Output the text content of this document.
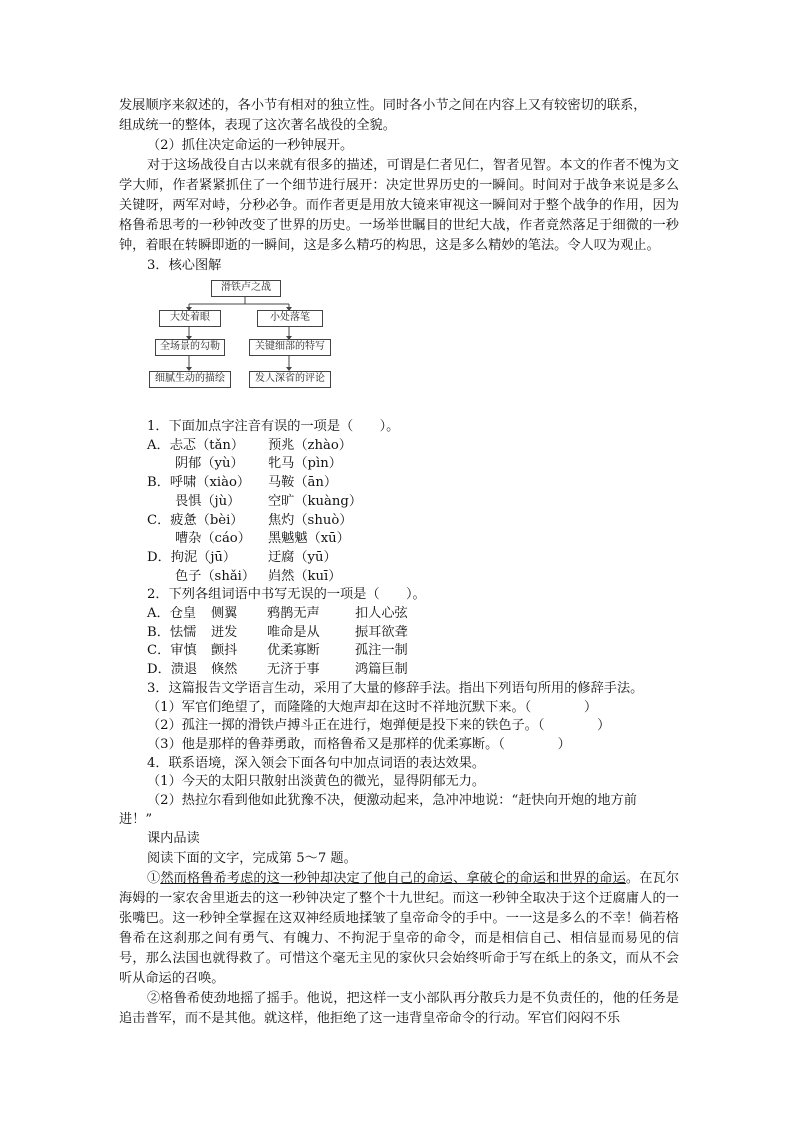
发展顺序来叙述的，各小节有相对的独立性。同时各小节之间在内容上又有较密切的联系，

组成统一的整体，表现了这次著名战役的全貌。

（2）抓住决定命运的一秒钟展开。

对于这场战役自古以来就有很多的描述，可谓是仁者见仁，智者见智。本文的作者不愧为文学大师，作者紧紧抓住了一个细节进行展开：决定世界历史的一瞬间。时间对于战争来说是多么关键呀，两军对峙，分秒必争。而作者更是用放大镜来审视这一瞬间对于整个战争的作用，因为格鲁希思考的一秒钟改变了世界的历史。一场举世瞩目的世纪大战，作者竟然落足于细微的一秒钟，着眼在转瞬即逝的一瞬间，这是多么精巧的构思，这是多么精妙的笔法。令人叹为观止。

3．核心图解

滑铁卢之战
大处着眼	小处落笔
全场景的勾勒	关键细部的特写
细腻生动的描绘	发人深省的评论

1．下面加点字注音有误的一项是（　　）。

A．忐忑（tǎn）	预兆（zhào）
阴郁（yù）	牝马（pìn）
B．呼啸（xiào）	马鞍（ān）
畏惧（jù）	空旷（kuàng）
C．疲惫（bèi）	焦灼（shuò）
嘈杂（cáo）	黑魆魆（xū）
D．拘泥（jū）	迂腐（yū）
色子（shǎi） 岿然（kuī）

2．下列各组词语中书写无误的一项是（　　）。

A．仓皇 侧翼 鸦鹊无声	扣人心弦
B．怯懦 迸发 唯命是从	振耳欲聋
C．审慎 颤抖 优柔寡断	孤注一制
D．溃退 倏然 无济于事	鸿篇巨制

3．这篇报告文学语言生动，采用了大量的修辞手法。指出下列语句所用的修辞手法。

（1）军官们绝望了，而隆隆的大炮声却在这时不祥地沉默下来。（　　　　）

（2）孤注一掷的滑铁卢搏斗正在进行，炮弹便是投下来的铁色子。（　　　　）

（3）他是那样的鲁莽勇敢，而格鲁希又是那样的优柔寡断。（　　　　）

4．联系语境，深入领会下面各句中加点词语的表达效果。

（1）今天的太阳只散射出淡黄色的微光，显得阴郁无力。

（2）热拉尔看到他如此犹豫不决，便激动起来，急冲冲地说：“赶快向开炮的地方前

进！”

课内品读

阅读下面的文字，完成第 5～7 题。

①然而格鲁希考虑的这一秒钟却决定了他自己的命运、拿破仑的命运和世界的命运。在瓦尔海姆的一家农舍里逝去的这一秒钟决定了整个十九世纪。而这一秒钟全取决于这个迂腐庸人的一张嘴巴。这一秒钟全掌握在这双神经质地揉皱了皇帝命令的手中。一一这是多么的不幸！倘若格鲁希在这刹那之间有勇气、有魄力、不拘泥于皇帝的命令，而是相信自己、相信显而易见的信号，那么法国也就得救了。可惜这个毫无主见的家伙只会始终听命于写在纸上的条文，而从不会听从命运的召唤。

②格鲁希使劲地摇了摇手。他说，把这样一支小部队再分散兵力是不负责任的，他的任务是追击普军，而不是其他。就这样，他拒绝了这一违背皇帝命令的行动。军官们闷闷不乐
